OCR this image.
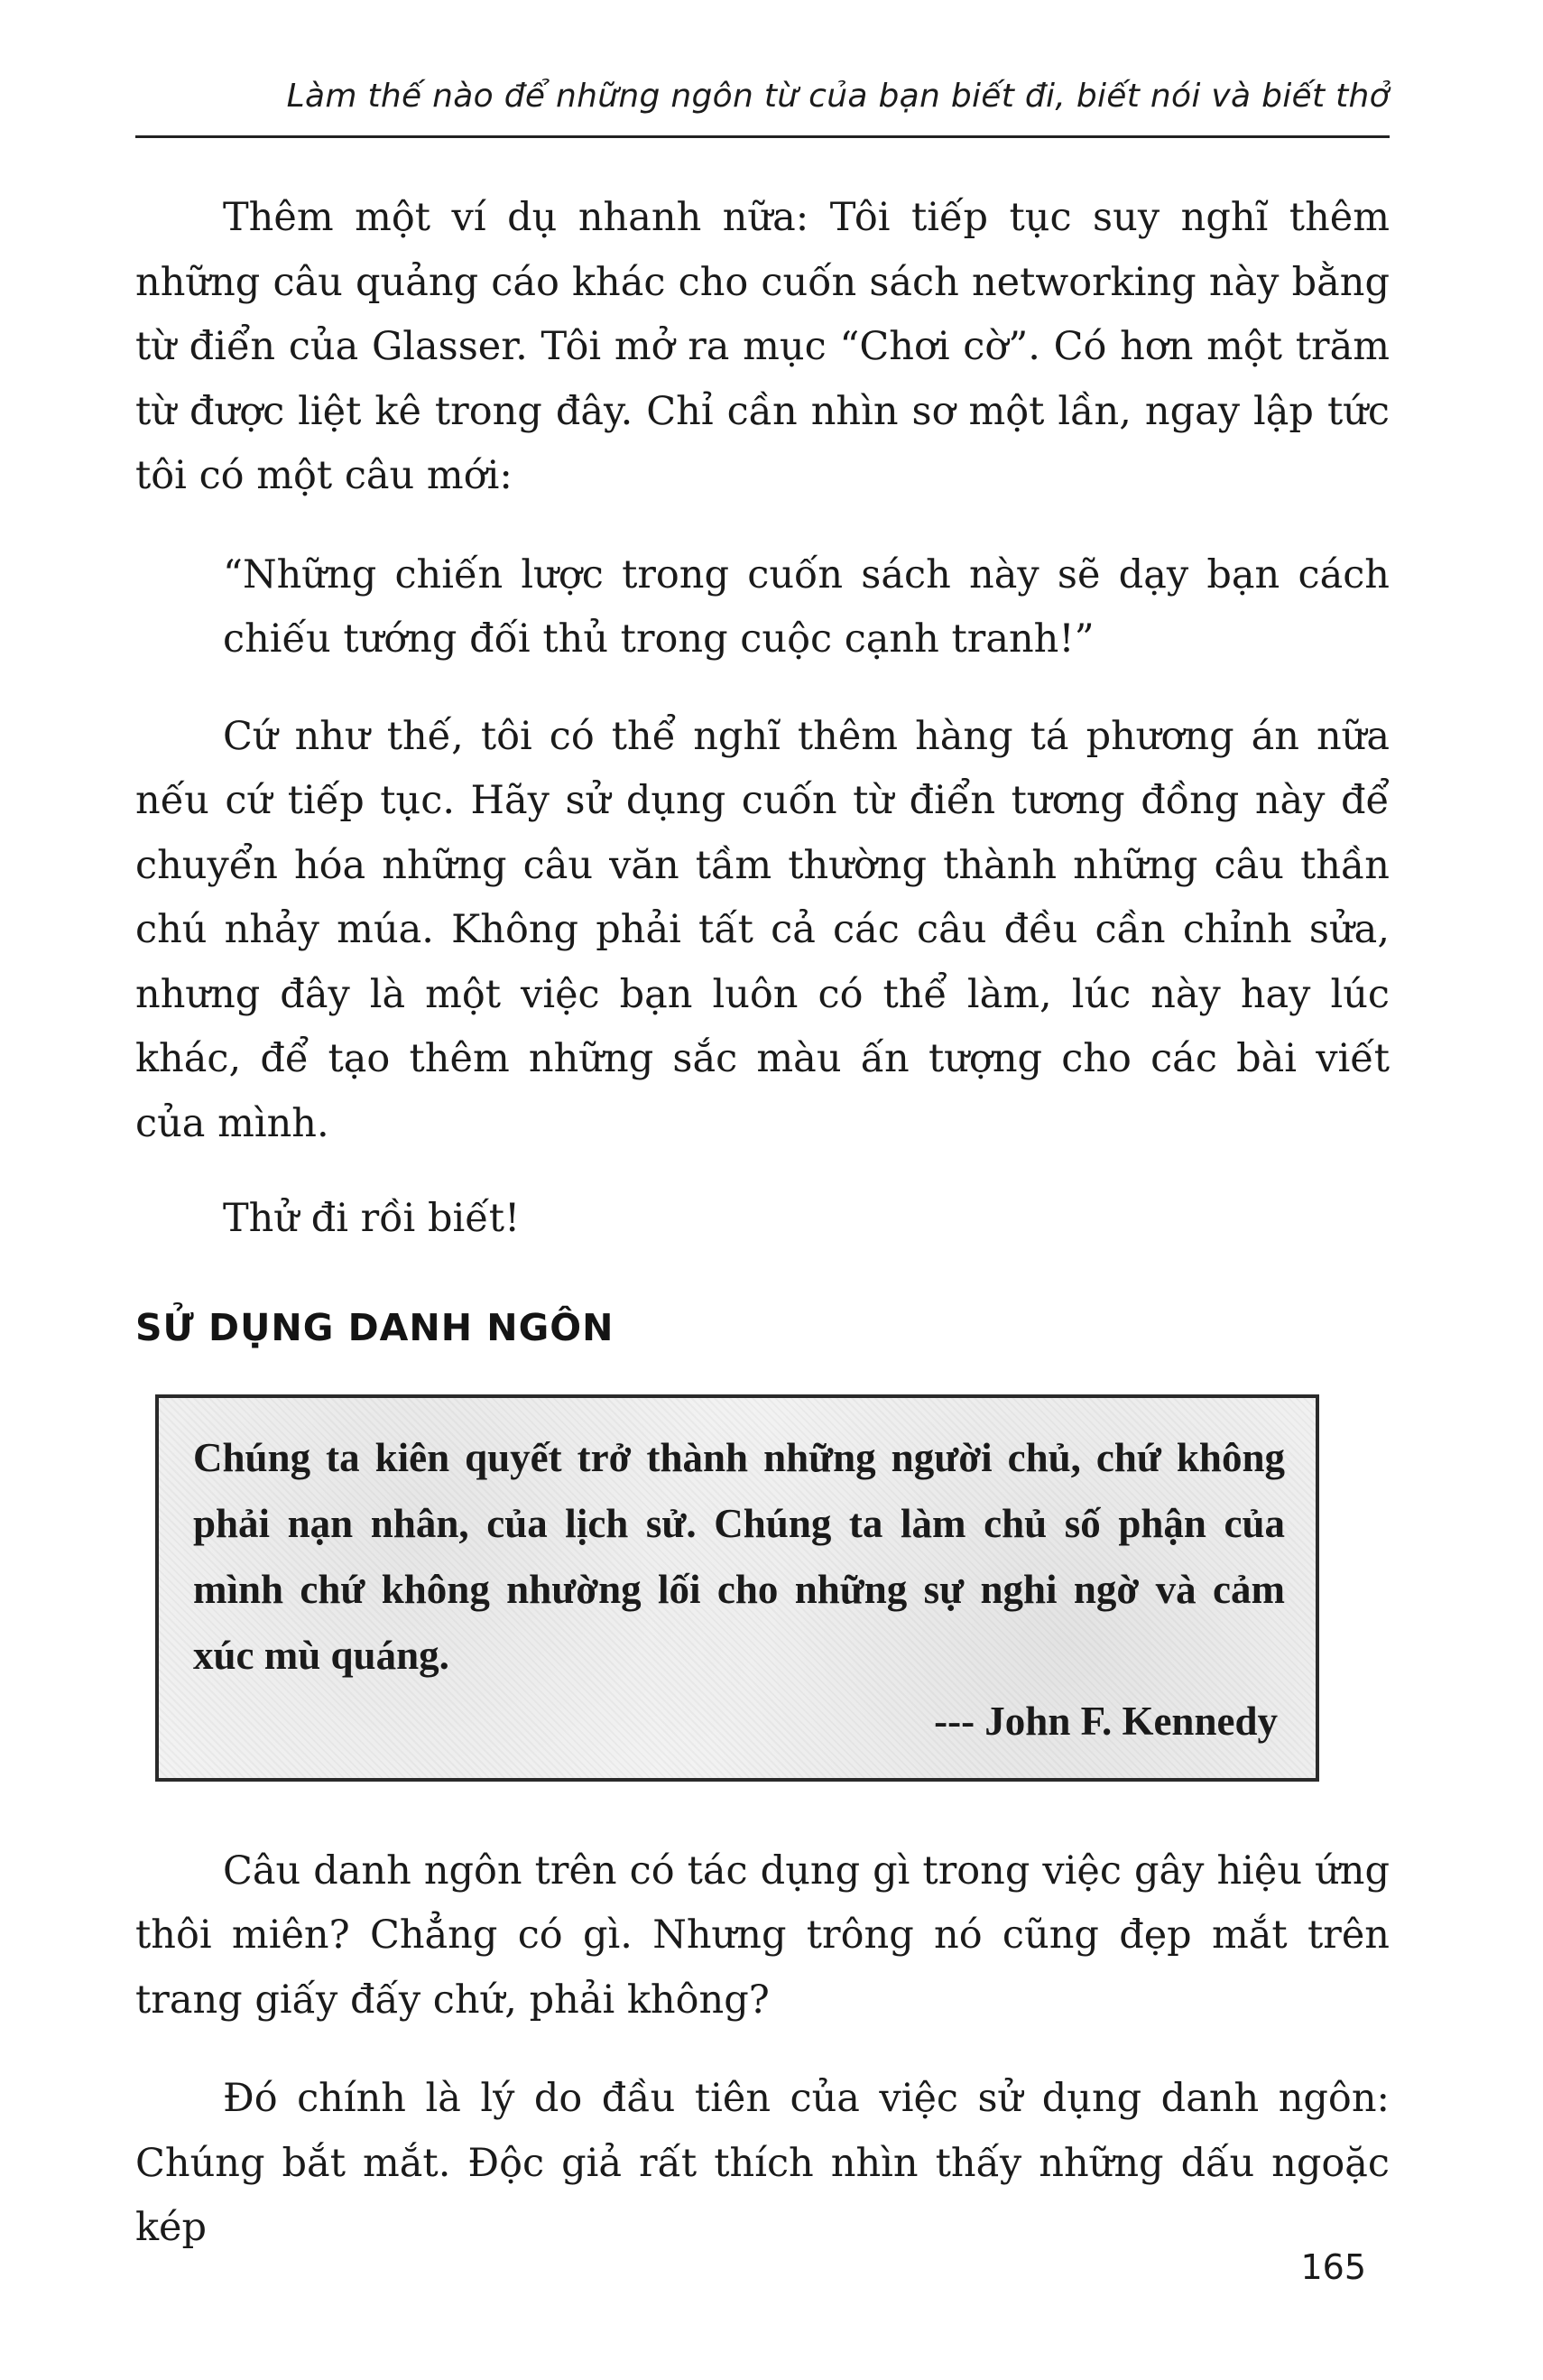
Làm thế nào để những ngôn từ của bạn biết đi, biết nói và biết thở

Thêm một ví dụ nhanh nữa: Tôi tiếp tục suy nghĩ thêm những câu quảng cáo khác cho cuốn sách networking này bằng từ điển của Glasser. Tôi mở ra mục “Chơi cờ”. Có hơn một trăm từ được liệt kê trong đây. Chỉ cần nhìn sơ một lần, ngay lập tức tôi có một câu mới:

“Những chiến lược trong cuốn sách này sẽ dạy bạn cách chiếu tướng đối thủ trong cuộc cạnh tranh!”

Cứ như thế, tôi có thể nghĩ thêm hàng tá phương án nữa nếu cứ tiếp tục. Hãy sử dụng cuốn từ điển tương đồng này để chuyển hóa những câu văn tầm thường thành những câu thần chú nhảy múa. Không phải tất cả các câu đều cần chỉnh sửa, nhưng đây là một việc bạn luôn có thể làm, lúc này hay lúc khác, để tạo thêm những sắc màu ấn tượng cho các bài viết của mình.

Thử đi rồi biết!

SỬ DỤNG DANH NGÔN
Chúng ta kiên quyết trở thành những người chủ, chứ không phải nạn nhân, của lịch sử. Chúng ta làm chủ số phận của mình chứ không nhường lối cho những sự nghi ngờ và cảm xúc mù quáng.
--- John F. Kennedy

Câu danh ngôn trên có tác dụng gì trong việc gây hiệu ứng thôi miên? Chẳng có gì. Nhưng trông nó cũng đẹp mắt trên trang giấy đấy chứ, phải không?

Đó chính là lý do đầu tiên của việc sử dụng danh ngôn: Chúng bắt mắt. Độc giả rất thích nhìn thấy những dấu ngoặc kép

165
